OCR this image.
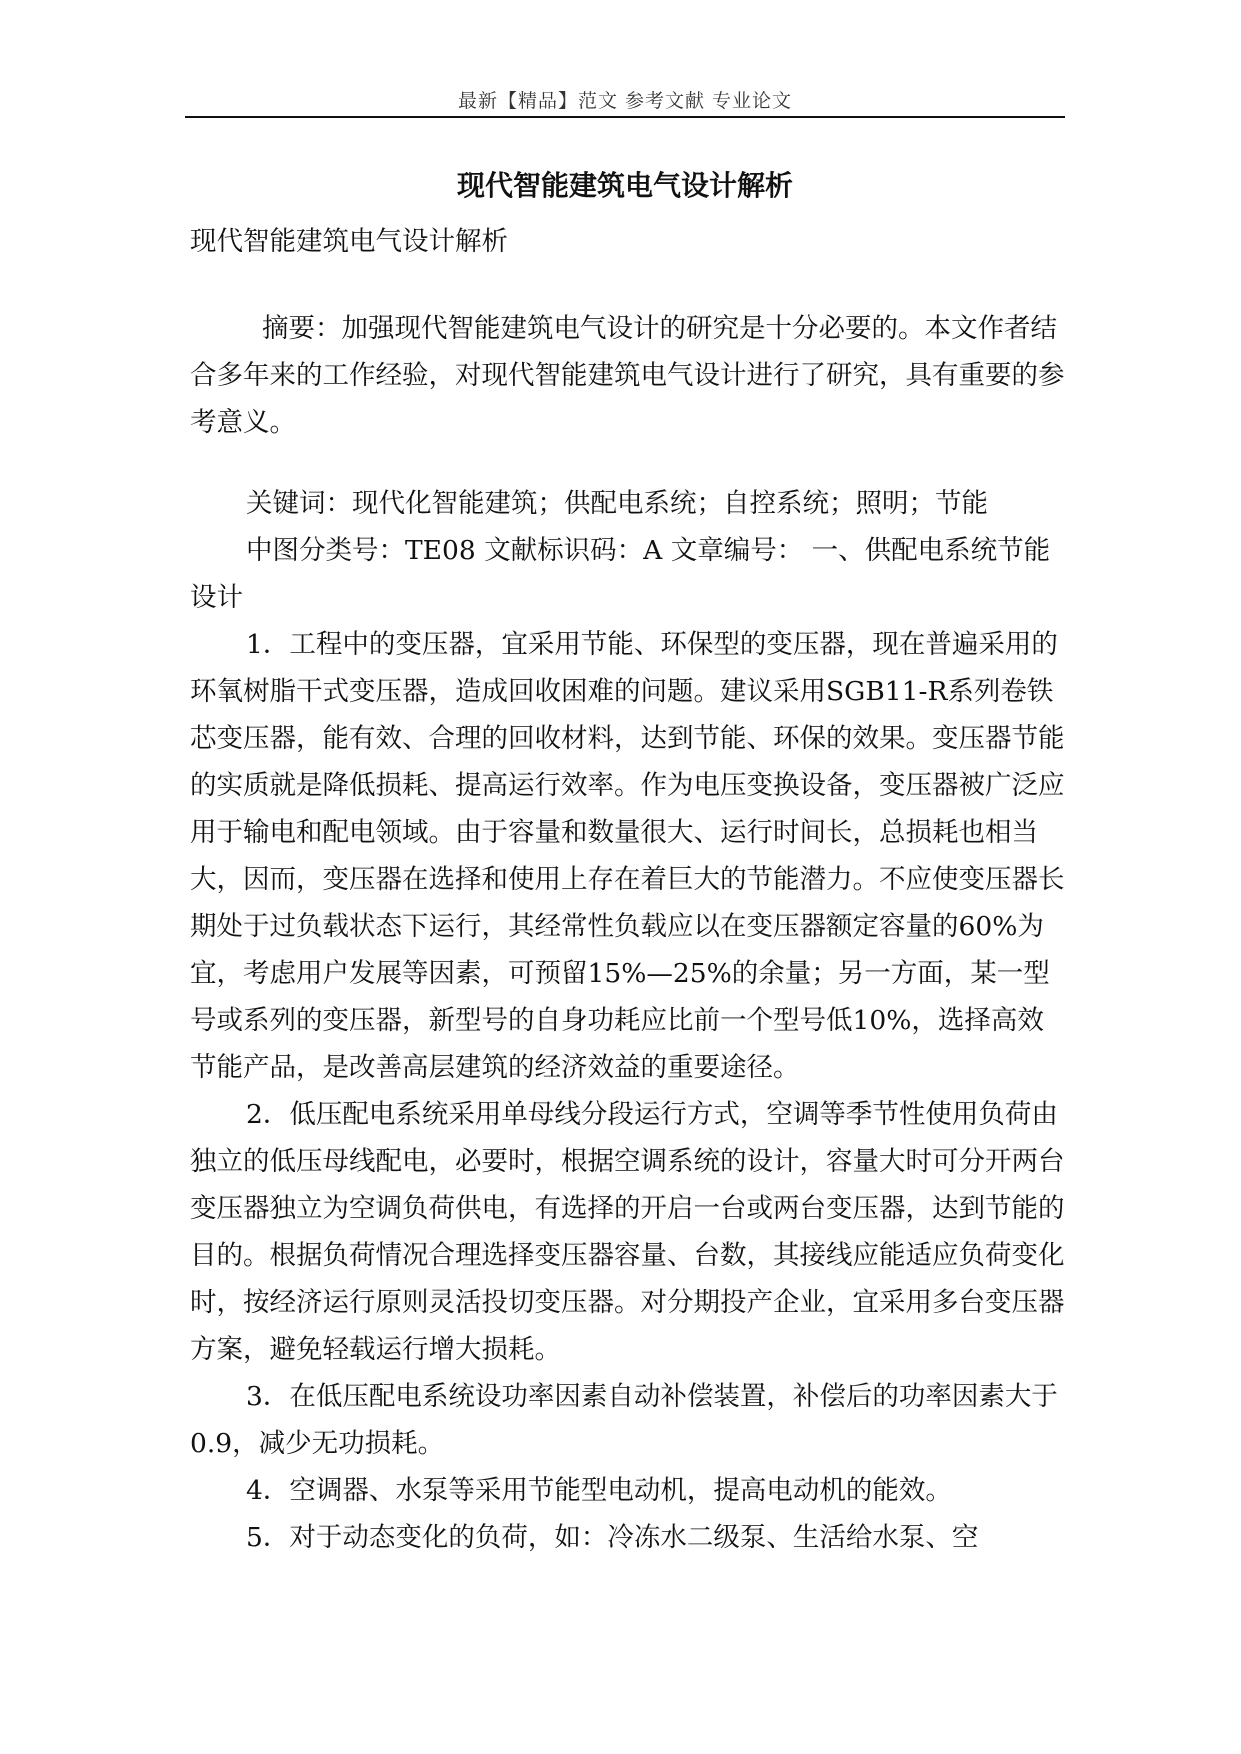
最新【精品】范文 参考文献 专业论文
现代智能建筑电气设计解析

现代智能建筑电气设计解析

摘要：加强现代智能建筑电气设计的研究是十分必要的。本文作者结合多年来的工作经验，对现代智能建筑电气设计进行了研究，具有重要的参考意义。

关键词：现代化智能建筑；供配电系统；自控系统；照明；节能

中图分类号：TE08 文献标识码：A 文章编号： 一、供配电系统节能设计

1．工程中的变压器，宜采用节能、环保型的变压器，现在普遍采用的环氧树脂干式变压器，造成回收困难的问题。建议采用SGB11-R系列卷铁芯变压器，能有效、合理的回收材料，达到节能、环保的效果。变压器节能的实质就是降低损耗、提高运行效率。作为电压变换设备，变压器被广泛应用于输电和配电领域。由于容量和数量很大、运行时间长，总损耗也相当大，因而，变压器在选择和使用上存在着巨大的节能潜力。不应使变压器长期处于过负载状态下运行，其经常性负载应以在变压器额定容量的60%为宜，考虑用户发展等因素，可预留15%—25%的余量；另一方面，某一型号或系列的变压器，新型号的自身功耗应比前一个型号低10%，选择高效节能产品，是改善高层建筑的经济效益的重要途径。

2．低压配电系统采用单母线分段运行方式，空调等季节性使用负荷由独立的低压母线配电，必要时，根据空调系统的设计，容量大时可分开两台变压器独立为空调负荷供电，有选择的开启一台或两台变压器，达到节能的目的。根据负荷情况合理选择变压器容量、台数，其接线应能适应负荷变化时，按经济运行原则灵活投切变压器。对分期投产企业，宜采用多台变压器方案，避免轻载运行增大损耗。

3．在低压配电系统设功率因素自动补偿装置，补偿后的功率因素大于0.9，减少无功损耗。

4．空调器、水泵等采用节能型电动机，提高电动机的能效。

5．对于动态变化的负荷，如：冷冻水二级泵、生活给水泵、空
